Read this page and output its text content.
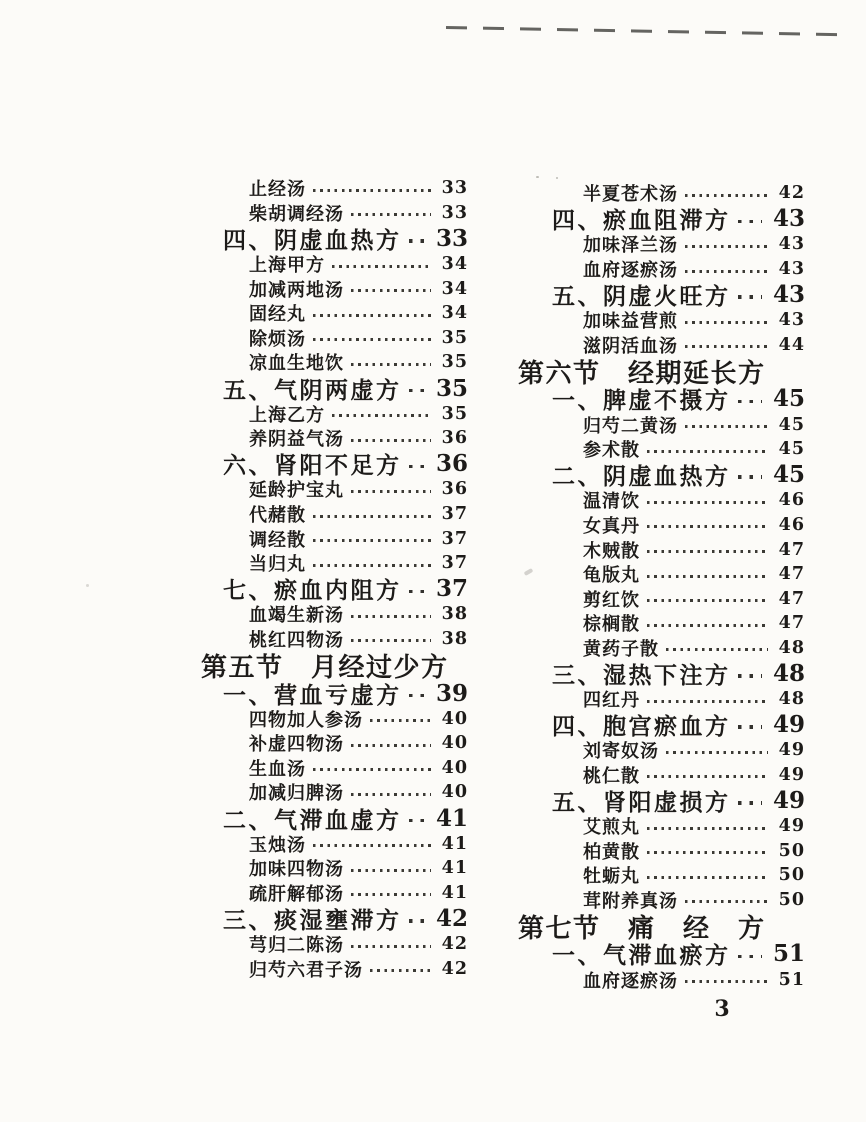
止经汤	33
柴胡调经汤	33
四、阴虚血热方 33
上海甲方	34
加减两地汤	34
固经丸	34
除烦汤	35
凉血生地饮	35
五、气阴两虚方 35
上海乙方	35
养阴益气汤	36
六、肾阳不足方 36
延龄护宝丸	36
代赭散	37
调经散	37
当归丸	37
七、瘀血内阻方 37
血竭生新汤	38
桃红四物汤	38
第五节　月经过少方
一、营血亏虚方 39
四物加人参汤	40
补虚四物汤	40
生血汤	40
加减归脾汤	40
二、气滞血虚方 41
玉烛汤	41
加味四物汤	41
疏肝解郁汤	41
三、痰湿壅滞方 42
芎归二陈汤	42
归芍六君子汤	42
半夏苍术汤	42
四、瘀血阻滞方 43
加味泽兰汤	43
血府逐瘀汤	43
五、阴虚火旺方 43
加味益营煎	43
滋阴活血汤	44
第六节　经期延长方
一、脾虚不摄方 45
归芍二黄汤	45
参术散	45
二、阴虚血热方 45
温清饮	46
女真丹	46
木贼散	47
龟版丸	47
剪红饮	47
棕榈散	47
黄药子散	48
三、湿热下注方 48
四红丹	48
四、胞宫瘀血方 49
刘寄奴汤	49
桃仁散	49
五、肾阳虚损方 49
艾煎丸	49
柏黄散	50
牡蛎丸	50
茸附养真汤	50
第七节　痛　经　方
一、气滞血瘀方 51
血府逐瘀汤	51
3
